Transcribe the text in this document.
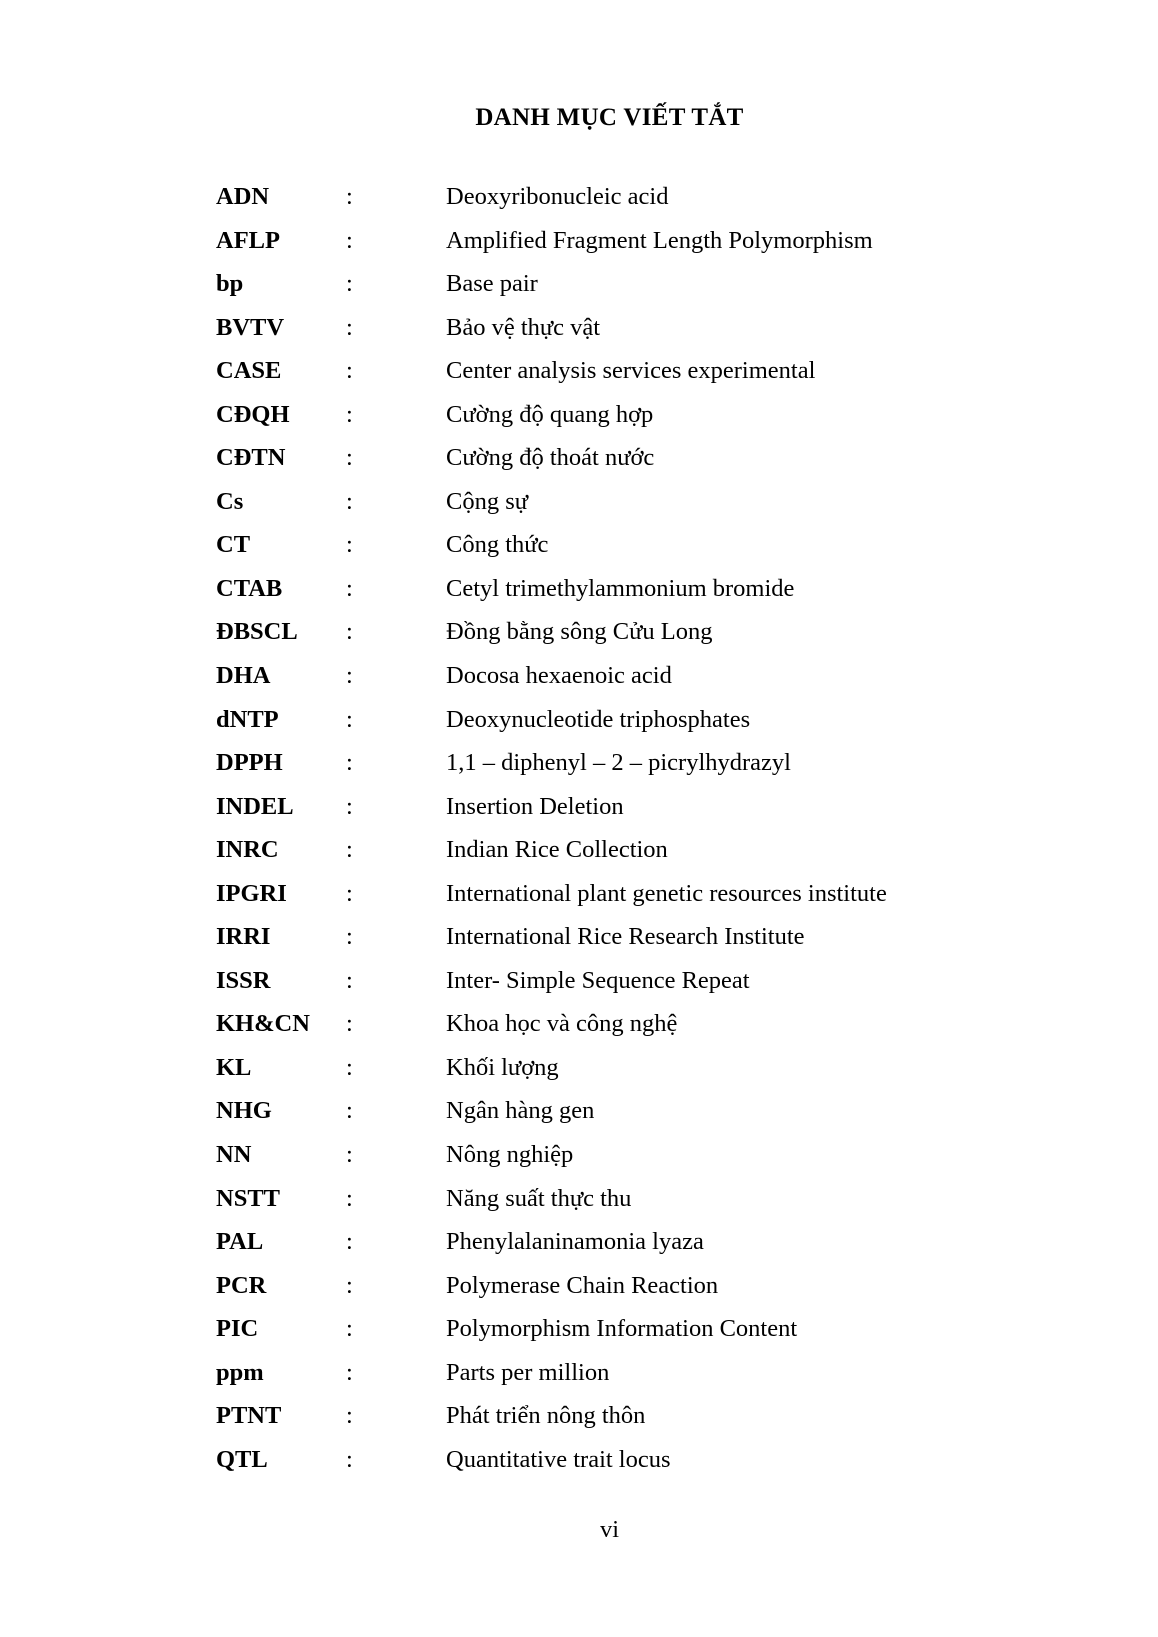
DANH MỤC VIẾT TẮT
ADN	:	Deoxyribonucleic acid
AFLP	:	Amplified Fragment Length Polymorphism
bp	:	Base pair
BVTV	:	Bảo vệ thực vật
CASE	:	Center analysis services experimental
CĐQH :	Cường độ quang hợp
CĐTN :	Cường độ thoát nước
Cs	:	Cộng sự
CT	:	Công thức
CTAB	:	Cetyl trimethylammonium bromide
ĐBSCL :	Đồng bằng sông Cửu Long
DHA	:	Docosa hexaenoic acid
dNTP	:	Deoxynucleotide triphosphates
DPPH	:	1,1 – diphenyl – 2 – picrylhydrazyl
INDEL :	Insertion Deletion
INRC	:	Indian Rice Collection
IPGRI :	International plant genetic resources institute
IRRI	:	International Rice Research Institute
ISSR	:	Inter- Simple Sequence Repeat
KH&CN :	Khoa học và công nghệ
KL	:	Khối lượng
NHG	:	Ngân hàng gen
NN	:	Nông nghiệp
NSTT	:	Năng suất thực thu
PAL	:	Phenylalaninamonia lyaza
PCR	:	Polymerase Chain Reaction
PIC	:	Polymorphism Information Content
ppm	:	Parts per million
PTNT	:	Phát triển nông thôn
QTL	:	Quantitative trait locus
vi
